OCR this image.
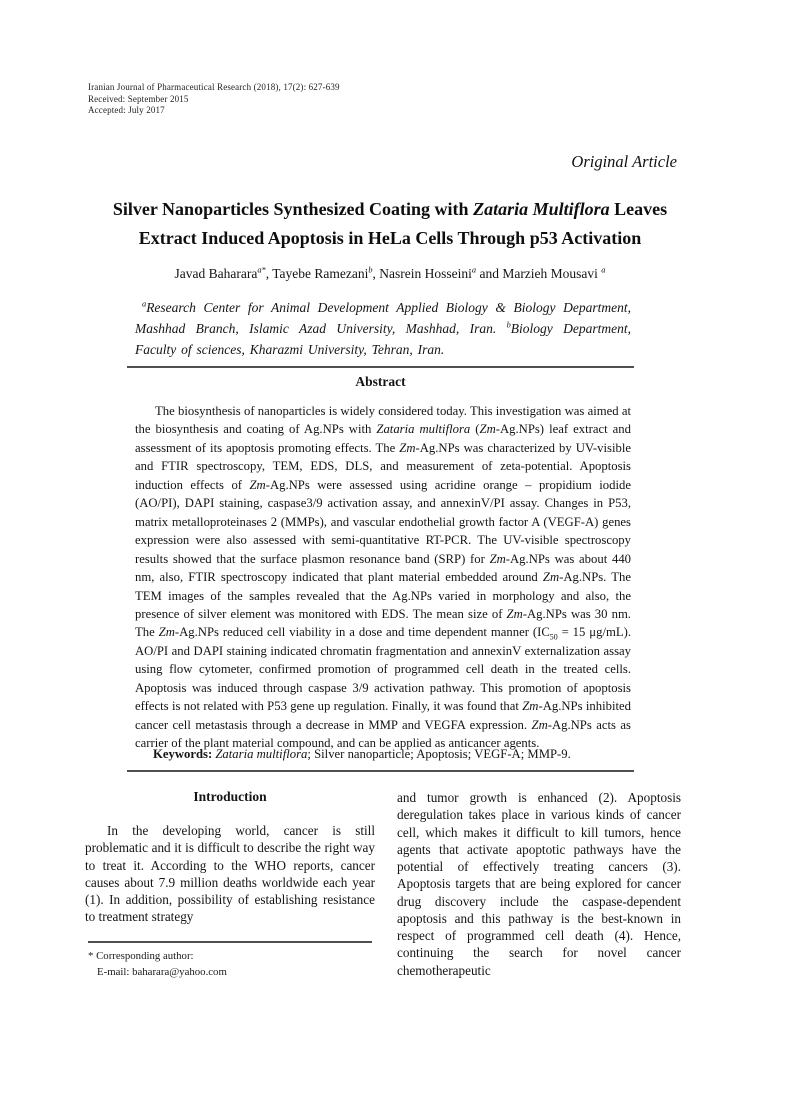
Iranian Journal of Pharmaceutical Research (2018), 17(2): 627-639
Received: September 2015
Accepted: July 2017
Original Article
Silver Nanoparticles Synthesized Coating with Zataria Multiflora Leaves Extract Induced Apoptosis in HeLa Cells Through p53 Activation
Javad Baharara$^{a*}$, Tayebe Ramezani$^b$, Nasrein Hosseini$^a$ and Marzieh Mousavi $^a$
$^a$Research Center for Animal Development Applied Biology & Biology Department, Mashhad Branch, Islamic Azad University, Mashhad, Iran. $^b$Biology Department, Faculty of sciences, Kharazmi University, Tehran, Iran.
Abstract
The biosynthesis of nanoparticles is widely considered today. This investigation was aimed at the biosynthesis and coating of Ag.NPs with Zataria multiflora (Zm-Ag.NPs) leaf extract and assessment of its apoptosis promoting effects. The Zm-Ag.NPs was characterized by UV-visible and FTIR spectroscopy, TEM, EDS, DLS, and measurement of zeta-potential. Apoptosis induction effects of Zm-Ag.NPs were assessed using acridine orange – propidium iodide (AO/PI), DAPI staining, caspase3/9 activation assay, and annexinV/PI assay. Changes in P53, matrix metalloproteinases 2 (MMPs), and vascular endothelial growth factor A (VEGF-A) genes expression were also assessed with semi-quantitative RT-PCR. The UV-visible spectroscopy results showed that the surface plasmon resonance band (SRP) for Zm-Ag.NPs was about 440 nm, also, FTIR spectroscopy indicated that plant material embedded around Zm-Ag.NPs. The TEM images of the samples revealed that the Ag.NPs varied in morphology and also, the presence of silver element was monitored with EDS. The mean size of Zm-Ag.NPs was 30 nm. The Zm-Ag.NPs reduced cell viability in a dose and time dependent manner ($IC_{50} = 15$ μg/mL). AO/PI and DAPI staining indicated chromatin fragmentation and annexinV externalization assay using flow cytometer, confirmed promotion of programmed cell death in the treated cells. Apoptosis was induced through caspase 3/9 activation pathway. This promotion of apoptosis effects is not related with P53 gene up regulation. Finally, it was found that Zm-Ag.NPs inhibited cancer cell metastasis through a decrease in MMP and VEGFA expression. Zm-Ag.NPs acts as carrier of the plant material compound, and can be applied as anticancer agents.
Keywords: Zataria multiflora; Silver nanoparticle; Apoptosis; VEGF-A; MMP-9.
Introduction
In the developing world, cancer is still problematic and it is difficult to describe the right way to treat it. According to the WHO reports, cancer causes about 7.9 million deaths worldwide each year (1). In addition, possibility of establishing resistance to treatment strategy
and tumor growth is enhanced (2). Apoptosis deregulation takes place in various kinds of cancer cell, which makes it difficult to kill tumors, hence agents that activate apoptotic pathways have the potential of effectively treating cancers (3). Apoptosis targets that are being explored for cancer drug discovery include the caspase-dependent apoptosis and this pathway is the best-known in respect of programmed cell death (4). Hence, continuing the search for novel cancer chemotherapeutic
* Corresponding author:
E-mail: baharara@yahoo.com
